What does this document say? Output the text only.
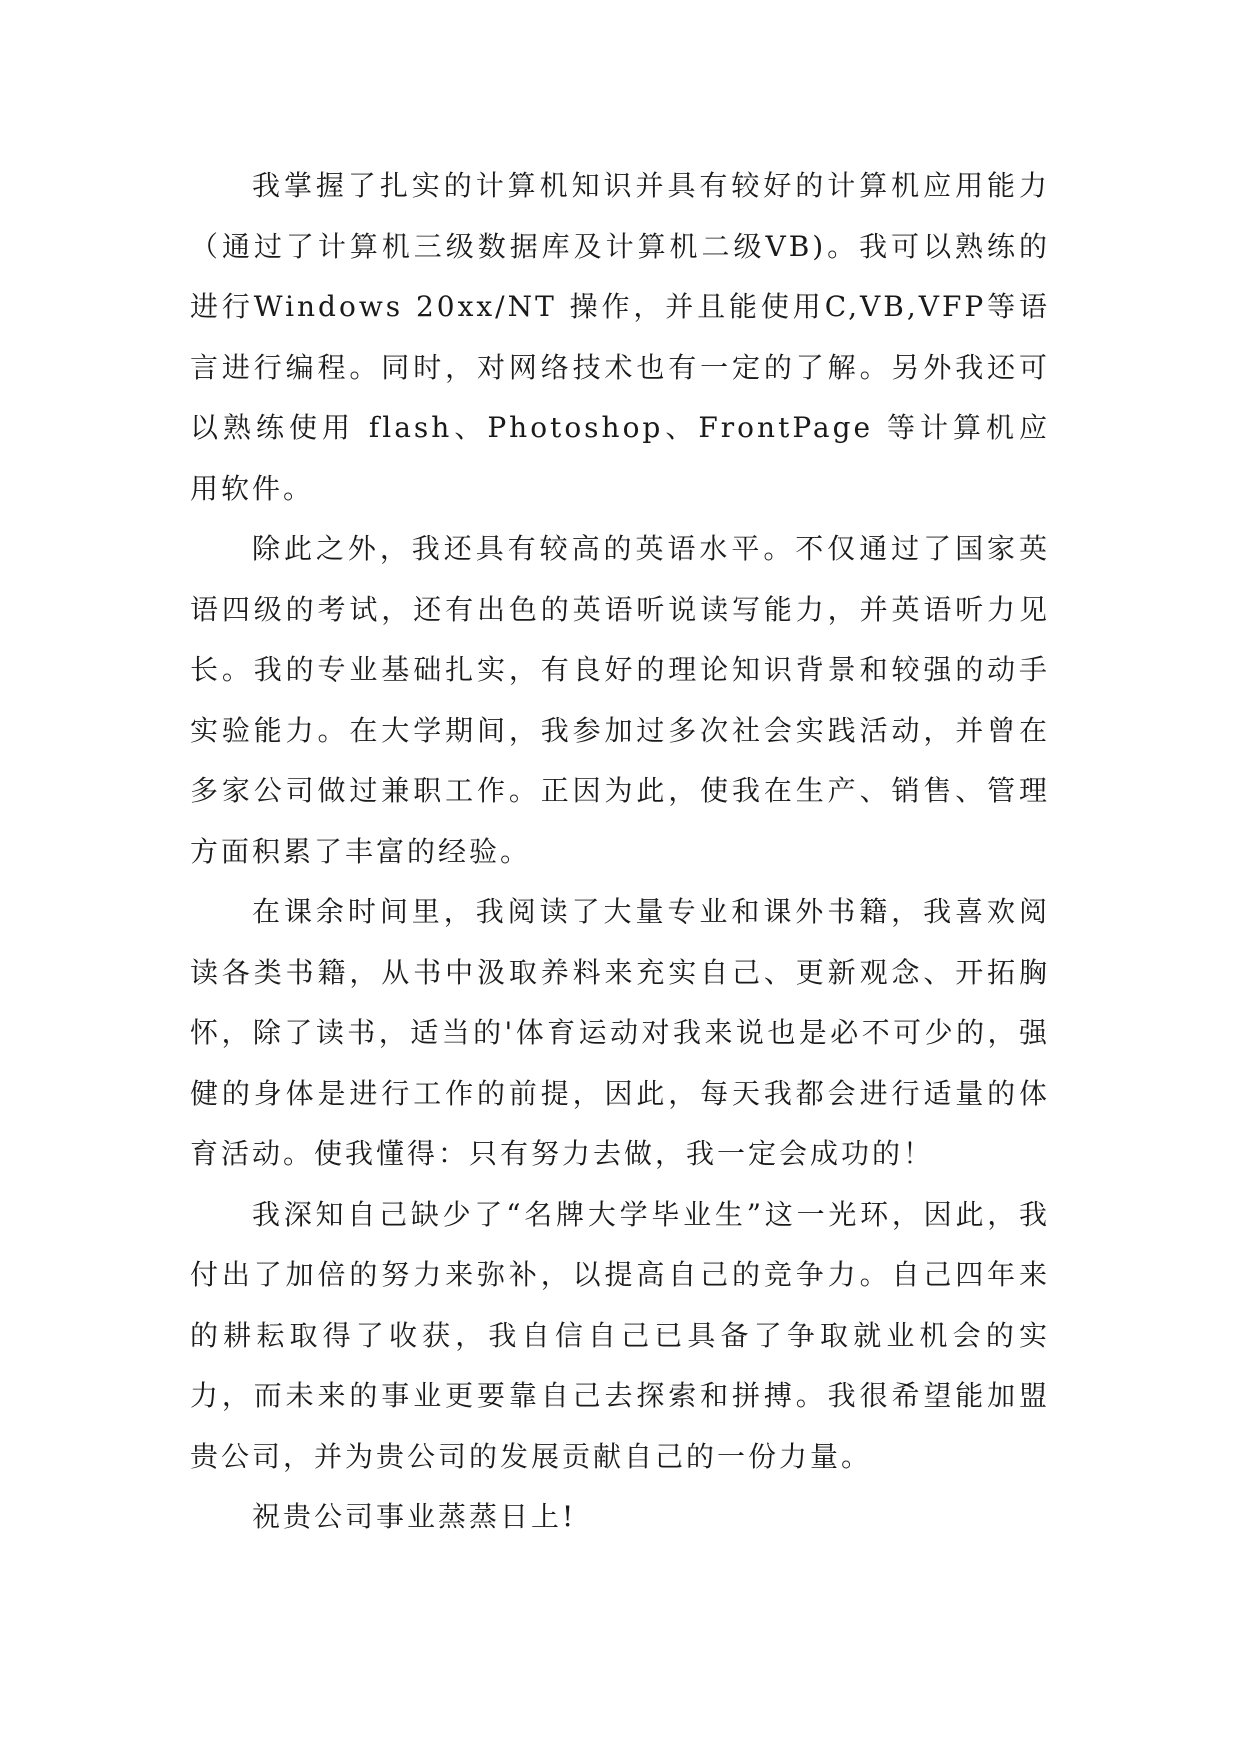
我掌握了扎实的计算机知识并具有较好的计算机应用能力（通过了计算机三级数据库及计算机二级VB)。我可以熟练的进行Windows 20xx/NT 操作，并且能使用C,VB,VFP等语言进行编程。同时，对网络技术也有一定的了解。另外我还可以熟练使用 flash、Photoshop、FrontPage 等计算机应用软件。

除此之外，我还具有较高的英语水平。不仅通过了国家英语四级的考试，还有出色的英语听说读写能力，并英语听力见长。我的专业基础扎实，有良好的理论知识背景和较强的动手实验能力。在大学期间，我参加过多次社会实践活动，并曾在多家公司做过兼职工作。正因为此，使我在生产、销售、管理方面积累了丰富的经验。

在课余时间里，我阅读了大量专业和课外书籍，我喜欢阅读各类书籍，从书中汲取养料来充实自己、更新观念、开拓胸怀，除了读书，适当的'体育运动对我来说也是必不可少的，强健的身体是进行工作的前提，因此，每天我都会进行适量的体育活动。使我懂得：只有努力去做，我一定会成功的！

我深知自己缺少了“名牌大学毕业生”这一光环，因此，我付出了加倍的努力来弥补，以提高自己的竞争力。自己四年来的耕耘取得了收获，我自信自己已具备了争取就业机会的实力，而未来的事业更要靠自己去探索和拼搏。我很希望能加盟贵公司，并为贵公司的发展贡献自己的一份力量。

祝贵公司事业蒸蒸日上!
